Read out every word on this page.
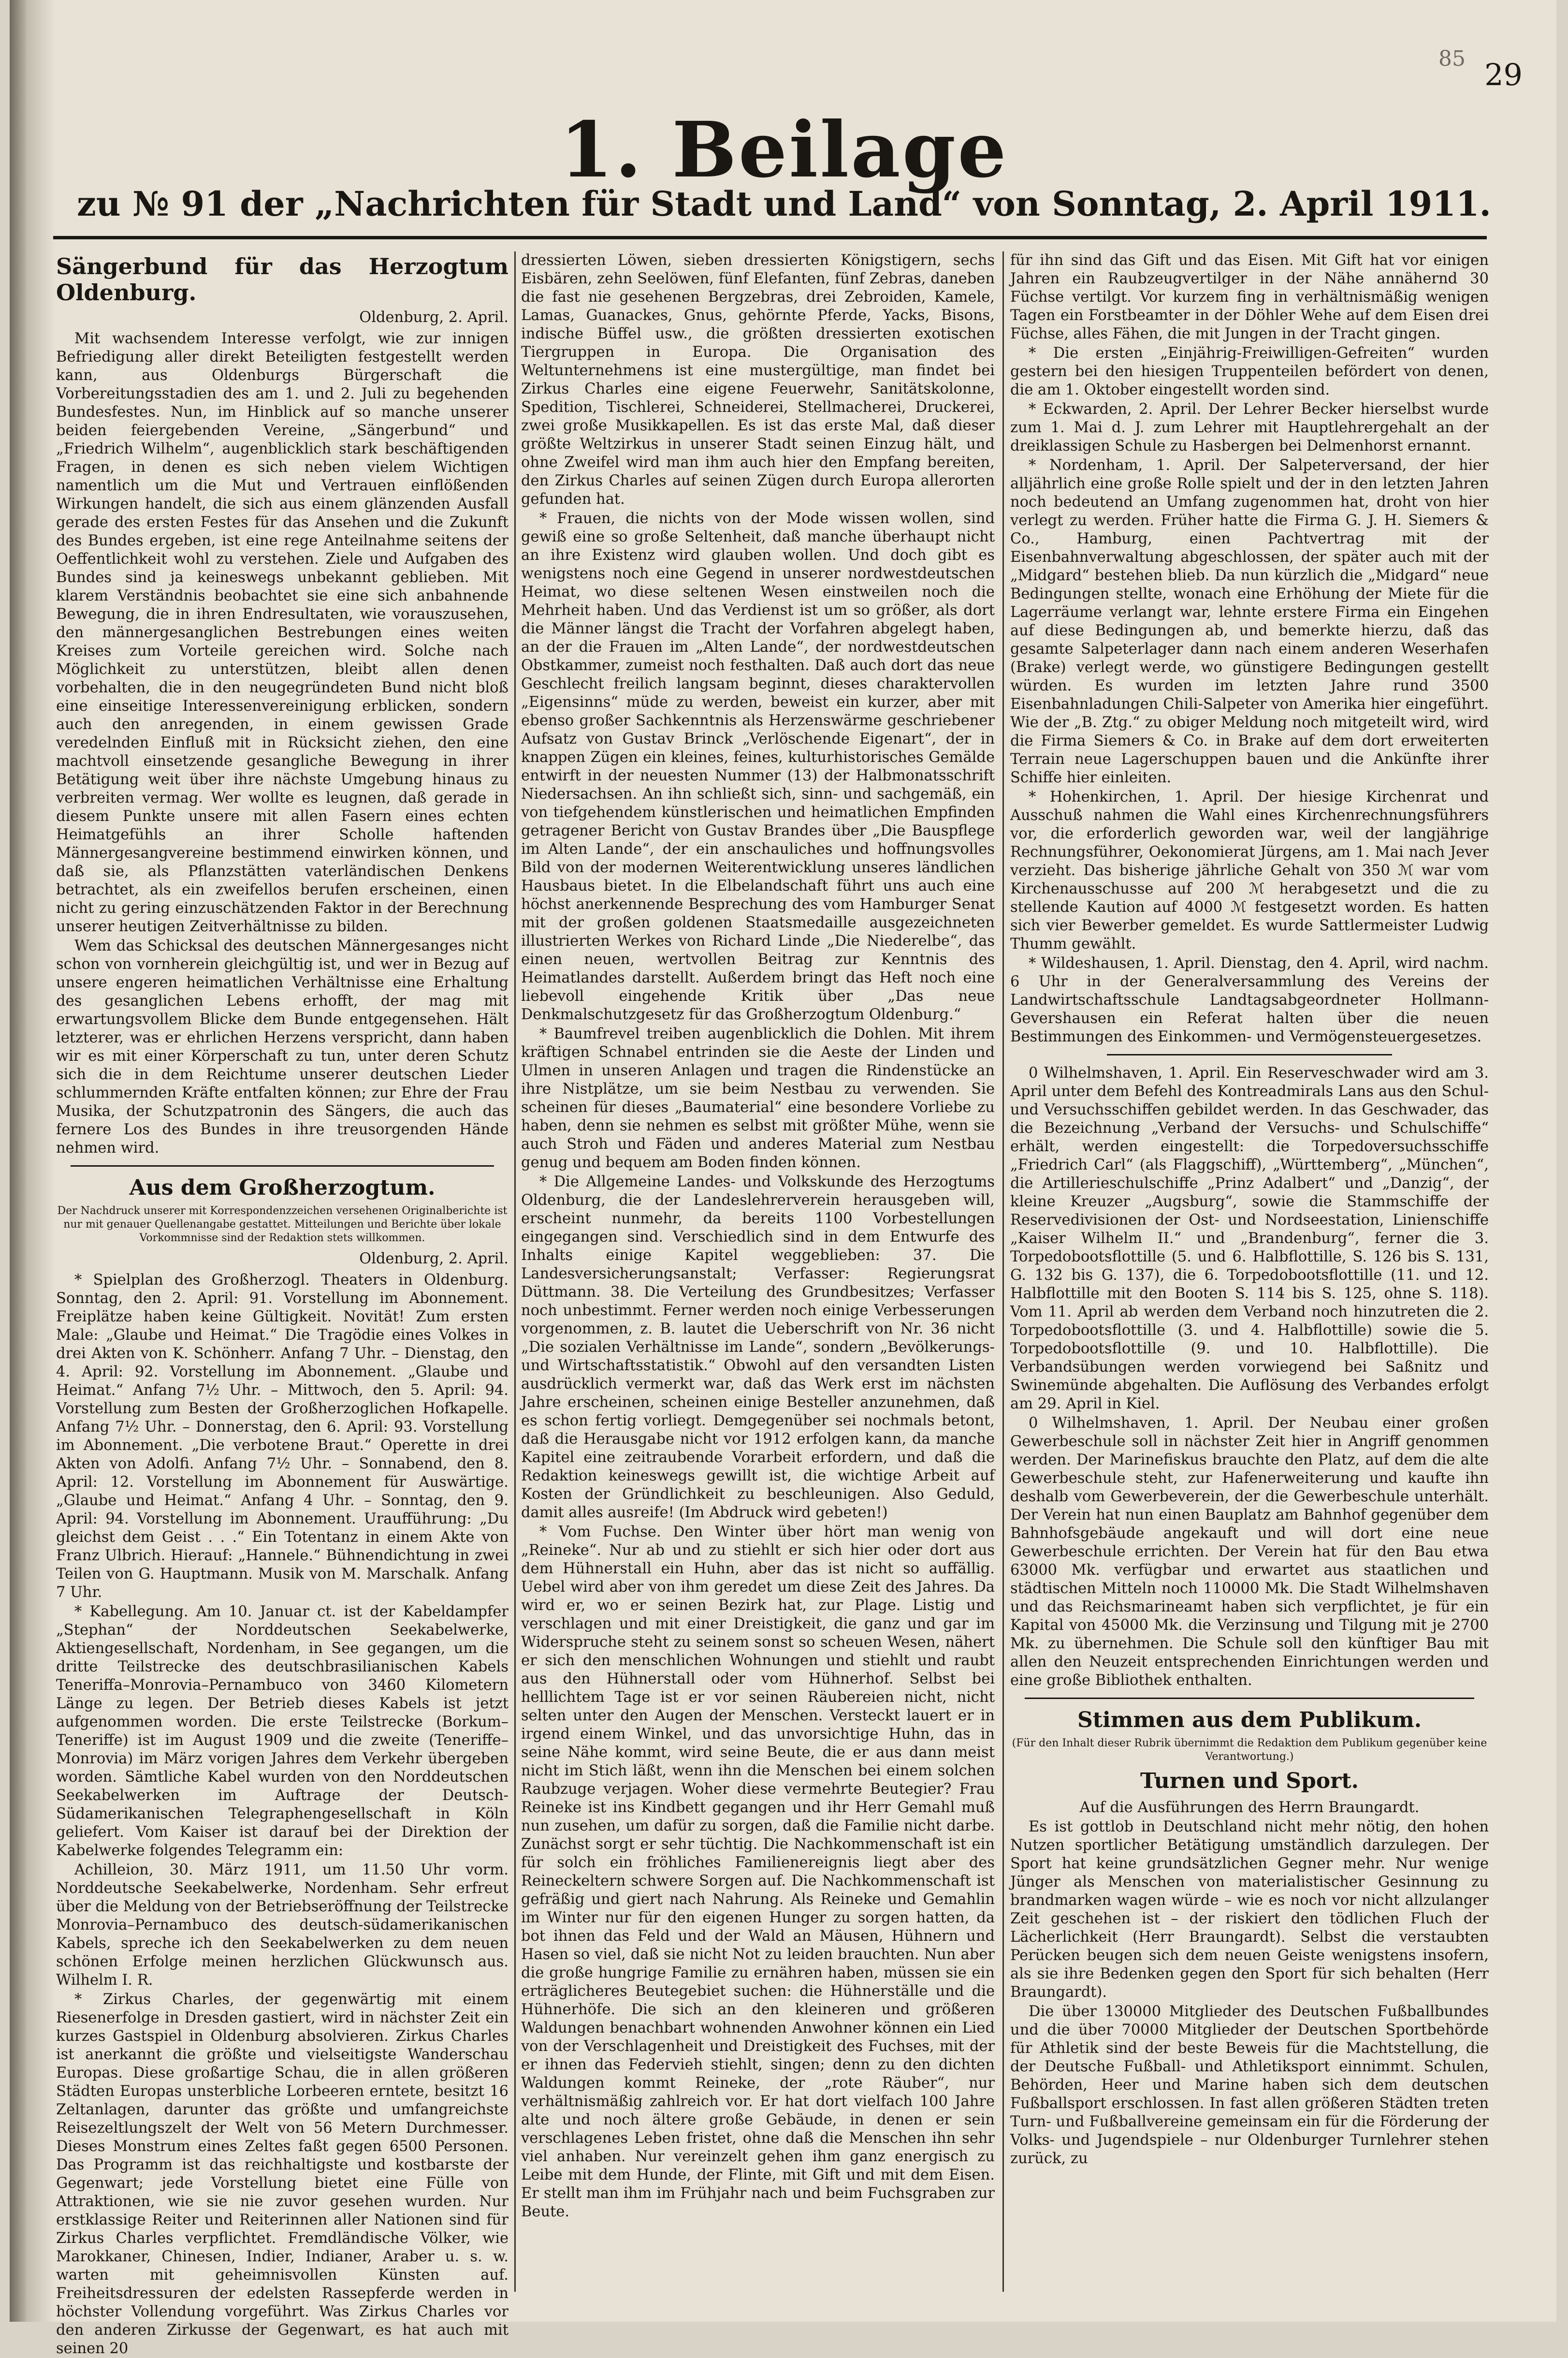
85 29
1. Beilage
zu № 91 der „Nachrichten für Stadt und Land“ von Sonntag, 2. April 1911.
Sängerbund für das Herzogtum Oldenburg.
Oldenburg, 2. April.

Mit wachsendem Interesse verfolgt, wie zur innigen Befriedigung aller direkt Beteiligten festgestellt werden kann, aus Oldenburgs Bürgerschaft die Vorbereitungsstadien des am 1. und 2. Juli zu begehenden Bundesfestes. Nun, im Hinblick auf so manche unserer beiden feiergebenden Vereine, „Sängerbund“ und „Friedrich Wilhelm“, augenblicklich stark beschäftigenden Fragen, in denen es sich neben vielem Wichtigen namentlich um die Mut und Vertrauen einflößenden Wirkungen handelt, die sich aus einem glänzenden Ausfall gerade des ersten Festes für das Ansehen und die Zukunft des Bundes ergeben, ist eine rege Anteilnahme seitens der Oeffentlichkeit wohl zu verstehen. Ziele und Aufgaben des Bundes sind ja keineswegs unbekannt geblieben. Mit klarem Verständnis beobachtet sie eine sich anbahnende Bewegung, die in ihren Endresultaten, wie vorauszusehen, den männergesanglichen Bestrebungen eines weiten Kreises zum Vorteile gereichen wird. Solche nach Möglichkeit zu unterstützen, bleibt allen denen vorbehalten, die in den neugegründeten Bund nicht bloß eine einseitige Interessenvereinigung erblicken, sondern auch den anregenden, in einem gewissen Grade veredelnden Einfluß mit in Rücksicht ziehen, den eine machtvoll einsetzende gesangliche Bewegung in ihrer Betätigung weit über ihre nächste Umgebung hinaus zu verbreiten vermag. Wer wollte es leugnen, daß gerade in diesem Punkte unsere mit allen Fasern eines echten Heimatgefühls an ihrer Scholle haftenden Männergesangvereine bestimmend einwirken können, und daß sie, als Pflanzstätten vaterländischen Denkens betrachtet, als ein zweifellos berufen erscheinen, einen nicht zu gering einzuschätzenden Faktor in der Berechnung unserer heutigen Zeitverhältnisse zu bilden.

Wem das Schicksal des deutschen Männergesanges nicht schon von vornherein gleichgültig ist, und wer in Bezug auf unsere engeren heimatlichen Verhältnisse eine Erhaltung des gesanglichen Lebens erhofft, der mag mit erwartungsvollem Blicke dem Bunde entgegensehen. Hält letzterer, was er ehrlichen Herzens verspricht, dann haben wir es mit einer Körperschaft zu tun, unter deren Schutz sich die in dem Reichtume unserer deutschen Lieder schlummernden Kräfte entfalten können; zur Ehre der Frau Musika, der Schutzpatronin des Sängers, die auch das fernere Los des Bundes in ihre treusorgenden Hände nehmen wird.

Aus dem Großherzogtum.
Der Nachdruck unserer mit Korrespondenzzeichen versehenen Originalberichte ist nur mit genauer Quellenangabe gestattet. Mitteilungen und Berichte über lokale Vorkommnisse sind der Redaktion stets willkommen.
Oldenburg, 2. April.

* Spielplan des Großherzogl. Theaters in Oldenburg. Sonntag, den 2. April: 91. Vorstellung im Abonnement. Freiplätze haben keine Gültigkeit. Novität! Zum ersten Male: „Glaube und Heimat.“ Die Tragödie eines Volkes in drei Akten von K. Schönherr. Anfang 7 Uhr. – Dienstag, den 4. April: 92. Vorstellung im Abonnement. „Glaube und Heimat.“ Anfang 7½ Uhr. – Mittwoch, den 5. April: 94. Vorstellung zum Besten der Großherzoglichen Hofkapelle. Anfang 7½ Uhr. – Donnerstag, den 6. April: 93. Vorstellung im Abonnement. „Die verbotene Braut.“ Operette in drei Akten von Adolfi. Anfang 7½ Uhr. – Sonnabend, den 8. April: 12. Vorstellung im Abonnement für Auswärtige. „Glaube und Heimat.“ Anfang 4 Uhr. – Sonntag, den 9. April: 94. Vorstellung im Abonnement. Uraufführung: „Du gleichst dem Geist . . .“ Ein Totentanz in einem Akte von Franz Ulbrich. Hierauf: „Hannele.“ Bühnendichtung in zwei Teilen von G. Hauptmann. Musik von M. Marschalk. Anfang 7 Uhr.

* Kabellegung. Am 10. Januar ct. ist der Kabeldampfer „Stephan“ der Norddeutschen Seekabelwerke, Aktiengesellschaft, Nordenham, in See gegangen, um die dritte Teilstrecke des deutschbrasilianischen Kabels Teneriffa–Monrovia–Pernambuco von 3460 Kilometern Länge zu legen. Der Betrieb dieses Kabels ist jetzt aufgenommen worden. Die erste Teilstrecke (Borkum–Teneriffe) ist im August 1909 und die zweite (Teneriffe–Monrovia) im März vorigen Jahres dem Verkehr übergeben worden. Sämtliche Kabel wurden von den Norddeutschen Seekabelwerken im Auftrage der Deutsch-Südamerikanischen Telegraphengesellschaft in Köln geliefert. Vom Kaiser ist darauf bei der Direktion der Kabelwerke folgendes Telegramm ein:

Achilleion, 30. März 1911, um 11.50 Uhr vorm. Norddeutsche Seekabelwerke, Nordenham. Sehr erfreut über die Meldung von der Betriebseröffnung der Teilstrecke Monrovia–Pernambuco des deutsch-südamerikanischen Kabels, spreche ich den Seekabelwerken zu dem neuen schönen Erfolge meinen herzlichen Glückwunsch aus. Wilhelm I. R.

* Zirkus Charles, der gegenwärtig mit einem Riesenerfolge in Dresden gastiert, wird in nächster Zeit ein kurzes Gastspiel in Oldenburg absolvieren. Zirkus Charles ist anerkannt die größte und vielseitigste Wanderschau Europas. Diese großartige Schau, die in allen größeren Städten Europas unsterbliche Lorbeeren erntete, besitzt 16 Zeltanlagen, darunter das größte und umfangreichste Reisezeltlungszelt der Welt von 56 Metern Durchmesser. Dieses Monstrum eines Zeltes faßt gegen 6500 Personen. Das Programm ist das reichhaltigste und kostbarste der Gegenwart; jede Vorstellung bietet eine Fülle von Attraktionen, wie sie nie zuvor gesehen wurden. Nur erstklassige Reiter und Reiterinnen aller Nationen sind für Zirkus Charles verpflichtet. Fremdländische Völker, wie Marokkaner, Chinesen, Indier, Indianer, Araber u. s. w. warten mit geheimnisvollen Künsten auf. Freiheitsdressuren der edelsten Rassepferde werden in höchster Vollendung vorgeführt. Was Zirkus Charles vor den anderen Zirkusse der Gegenwart, es hat auch mit seinen 20

dressierten Löwen, sieben dressierten Königstigern, sechs Eisbären, zehn Seelöwen, fünf Elefanten, fünf Zebras, daneben die fast nie gesehenen Bergzebras, drei Zebroiden, Kamele, Lamas, Guanackes, Gnus, gehörnte Pferde, Yacks, Bisons, indische Büffel usw., die größten dressierten exotischen Tiergruppen in Europa. Die Organisation des Weltunternehmens ist eine mustergültige, man findet bei Zirkus Charles eine eigene Feuerwehr, Sanitätskolonne, Spedition, Tischlerei, Schneiderei, Stellmacherei, Druckerei, zwei große Musikkapellen. Es ist das erste Mal, daß dieser größte Weltzirkus in unserer Stadt seinen Einzug hält, und ohne Zweifel wird man ihm auch hier den Empfang bereiten, den Zirkus Charles auf seinen Zügen durch Europa allerorten gefunden hat.

* Frauen, die nichts von der Mode wissen wollen, sind gewiß eine so große Seltenheit, daß manche überhaupt nicht an ihre Existenz wird glauben wollen. Und doch gibt es wenigstens noch eine Gegend in unserer nordwestdeutschen Heimat, wo diese seltenen Wesen einstweilen noch die Mehrheit haben. Und das Verdienst ist um so größer, als dort die Männer längst die Tracht der Vorfahren abgelegt haben, an der die Frauen im „Alten Lande“, der nordwestdeutschen Obstkammer, zumeist noch festhalten. Daß auch dort das neue Geschlecht freilich langsam beginnt, dieses charaktervollen „Eigensinns“ müde zu werden, beweist ein kurzer, aber mit ebenso großer Sachkenntnis als Herzenswärme geschriebener Aufsatz von Gustav Brinck „Verlöschende Eigenart“, der in knappen Zügen ein kleines, feines, kulturhistorisches Gemälde entwirft in der neuesten Nummer (13) der Halbmonatsschrift Niedersachsen. An ihn schließt sich, sinn- und sachgemäß, ein von tiefgehendem künstlerischen und heimatlichen Empfinden getragener Bericht von Gustav Brandes über „Die Bauspflege im Alten Lande“, der ein anschauliches und hoffnungsvolles Bild von der modernen Weiterentwicklung unseres ländlichen Hausbaus bietet. In die Elbelandschaft führt uns auch eine höchst anerkennende Besprechung des vom Hamburger Senat mit der großen goldenen Staatsmedaille ausgezeichneten illustrierten Werkes von Richard Linde „Die Niederelbe“, das einen neuen, wertvollen Beitrag zur Kenntnis des Heimatlandes darstellt. Außerdem bringt das Heft noch eine liebevoll eingehende Kritik über „Das neue Denkmalschutzgesetz für das Großherzogtum Oldenburg.“

* Baumfrevel treiben augenblicklich die Dohlen. Mit ihrem kräftigen Schnabel entrinden sie die Aeste der Linden und Ulmen in unseren Anlagen und tragen die Rindenstücke an ihre Nistplätze, um sie beim Nestbau zu verwenden. Sie scheinen für dieses „Baumaterial“ eine besondere Vorliebe zu haben, denn sie nehmen es selbst mit größter Mühe, wenn sie auch Stroh und Fäden und anderes Material zum Nestbau genug und bequem am Boden finden können.

* Die Allgemeine Landes- und Volkskunde des Herzogtums Oldenburg, die der Landeslehrerverein herausgeben will, erscheint nunmehr, da bereits 1100 Vorbestellungen eingegangen sind. Verschiedlich sind in dem Entwurfe des Inhalts einige Kapitel weggeblieben: 37. Die Landesversicherungsanstalt; Verfasser: Regierungsrat Düttmann. 38. Die Verteilung des Grundbesitzes; Verfasser noch unbestimmt. Ferner werden noch einige Verbesserungen vorgenommen, z. B. lautet die Ueberschrift von Nr. 36 nicht „Die sozialen Verhältnisse im Lande“, sondern „Bevölkerungs- und Wirtschaftsstatistik.“ Obwohl auf den versandten Listen ausdrücklich vermerkt war, daß das Werk erst im nächsten Jahre erscheinen, scheinen einige Besteller anzunehmen, daß es schon fertig vorliegt. Demgegenüber sei nochmals betont, daß die Herausgabe nicht vor 1912 erfolgen kann, da manche Kapitel eine zeitraubende Vorarbeit erfordern, und daß die Redaktion keineswegs gewillt ist, die wichtige Arbeit auf Kosten der Gründlichkeit zu beschleunigen. Also Geduld, damit alles ausreife! (Im Abdruck wird gebeten!)

* Vom Fuchse. Den Winter über hört man wenig von „Reineke“. Nur ab und zu stiehlt er sich hier oder dort aus dem Hühnerstall ein Huhn, aber das ist nicht so auffällig. Uebel wird aber von ihm geredet um diese Zeit des Jahres. Da wird er, wo er seinen Bezirk hat, zur Plage. Listig und verschlagen und mit einer Dreistigkeit, die ganz und gar im Widerspruche steht zu seinem sonst so scheuen Wesen, nähert er sich den menschlichen Wohnungen und stiehlt und raubt aus den Hühnerstall oder vom Hühnerhof. Selbst bei helllichtem Tage ist er vor seinen Räubereien nicht, nicht selten unter den Augen der Menschen. Versteckt lauert er in irgend einem Winkel, und das unvorsichtige Huhn, das in seine Nähe kommt, wird seine Beute, die er aus dann meist nicht im Stich läßt, wenn ihn die Menschen bei einem solchen Raubzuge verjagen. Woher diese vermehrte Beutegier? Frau Reineke ist ins Kindbett gegangen und ihr Herr Gemahl muß nun zusehen, um dafür zu sorgen, daß die Familie nicht darbe. Zunächst sorgt er sehr tüchtig. Die Nachkommenschaft ist ein für solch ein fröhliches Familienereignis liegt aber des Reineckeltern schwere Sorgen auf. Die Nachkommenschaft ist gefräßig und giert nach Nahrung. Als Reineke und Gemahlin im Winter nur für den eigenen Hunger zu sorgen hatten, da bot ihnen das Feld und der Wald an Mäusen, Hühnern und Hasen so viel, daß sie nicht Not zu leiden brauchten. Nun aber die große hungrige Familie zu ernähren haben, müssen sie ein erträglicheres Beutegebiet suchen: die Hühnerställe und die Hühnerhöfe. Die sich an den kleineren und größeren Waldungen benachbart wohnenden Anwohner können ein Lied von der Verschlagenheit und Dreistigkeit des Fuchses, mit der er ihnen das Federvieh stiehlt, singen; denn zu den dichten Waldungen kommt Reineke, der „rote Räuber“, nur verhältnismäßig zahlreich vor. Er hat dort vielfach 100 Jahre alte und noch ältere große Gebäude, in denen er sein verschlagenes Leben fristet, ohne daß die Menschen ihn sehr viel anhaben. Nur vereinzelt gehen ihm ganz energisch zu Leibe mit dem Hunde, der Flinte, mit Gift und mit dem Eisen. Er stellt man ihm im Frühjahr nach und beim Fuchsgraben zur Beute.

für ihn sind das Gift und das Eisen. Mit Gift hat vor einigen Jahren ein Raubzeugvertilger in der Nähe annähernd 30 Füchse vertilgt. Vor kurzem fing in verhältnismäßig wenigen Tagen ein Forstbeamter in der Döhler Wehe auf dem Eisen drei Füchse, alles Fähen, die mit Jungen in der Tracht gingen.

* Die ersten „Einjährig-Freiwilligen-Gefreiten“ wurden gestern bei den hiesigen Truppenteilen befördert von denen, die am 1. Oktober eingestellt worden sind.

* Eckwarden, 2. April. Der Lehrer Becker hierselbst wurde zum 1. Mai d. J. zum Lehrer mit Hauptlehrergehalt an der dreiklassigen Schule zu Hasbergen bei Delmenhorst ernannt.

* Nordenham, 1. April. Der Salpeterversand, der hier alljährlich eine große Rolle spielt und der in den letzten Jahren noch bedeutend an Umfang zugenommen hat, droht von hier verlegt zu werden. Früher hatte die Firma G. J. H. Siemers & Co., Hamburg, einen Pachtvertrag mit der Eisenbahnverwaltung abgeschlossen, der später auch mit der „Midgard“ bestehen blieb. Da nun kürzlich die „Midgard“ neue Bedingungen stellte, wonach eine Erhöhung der Miete für die Lagerräume verlangt war, lehnte erstere Firma ein Eingehen auf diese Bedingungen ab, und bemerkte hierzu, daß das gesamte Salpeterlager dann nach einem anderen Weserhafen (Brake) verlegt werde, wo günstigere Bedingungen gestellt würden. Es wurden im letzten Jahre rund 3500 Eisenbahnladungen Chili-Salpeter von Amerika hier eingeführt. Wie der „B. Ztg.“ zu obiger Meldung noch mitgeteilt wird, wird die Firma Siemers & Co. in Brake auf dem dort erweiterten Terrain neue Lagerschuppen bauen und die Ankünfte ihrer Schiffe hier einleiten.

* Hohenkirchen, 1. April. Der hiesige Kirchenrat und Ausschuß nahmen die Wahl eines Kirchenrechnungsführers vor, die erforderlich geworden war, weil der langjährige Rechnungsführer, Oekonomierat Jürgens, am 1. Mai nach Jever verzieht. Das bisherige jährliche Gehalt von 350 ℳ war vom Kirchenausschusse auf 200 ℳ herabgesetzt und die zu stellende Kaution auf 4000 ℳ festgesetzt worden. Es hatten sich vier Bewerber gemeldet. Es wurde Sattlermeister Ludwig Thumm gewählt.

* Wildeshausen, 1. April. Dienstag, den 4. April, wird nachm. 6 Uhr in der Generalversammlung des Vereins der Landwirtschaftsschule Landtagsabgeordneter Hollmann-Gevershausen ein Referat halten über die neuen Bestimmungen des Einkommen- und Vermögensteuergesetzes.

0 Wilhelmshaven, 1. April. Ein Reserveschwader wird am 3. April unter dem Befehl des Kontreadmirals Lans aus den Schul- und Versuchsschiffen gebildet werden. In das Geschwader, das die Bezeichnung „Verband der Versuchs- und Schulschiffe“ erhält, werden eingestellt: die Torpedoversuchsschiffe „Friedrich Carl“ (als Flaggschiff), „Württemberg“, „München“, die Artillerieschulschiffe „Prinz Adalbert“ und „Danzig“, der kleine Kreuzer „Augsburg“, sowie die Stammschiffe der Reservedivisionen der Ost- und Nordseestation, Linienschiffe „Kaiser Wilhelm II.“ und „Brandenburg“, ferner die 3. Torpedobootsflottille (5. und 6. Halbflottille, S. 126 bis S. 131, G. 132 bis G. 137), die 6. Torpedobootsflottille (11. und 12. Halbflottille mit den Booten S. 114 bis S. 125, ohne S. 118). Vom 11. April ab werden dem Verband noch hinzutreten die 2. Torpedobootsflottille (3. und 4. Halbflottille) sowie die 5. Torpedobootsflottille (9. und 10. Halbflottille). Die Verbandsübungen werden vorwiegend bei Saßnitz und Swinemünde abgehalten. Die Auflösung des Verbandes erfolgt am 29. April in Kiel.

0 Wilhelmshaven, 1. April. Der Neubau einer großen Gewerbeschule soll in nächster Zeit hier in Angriff genommen werden. Der Marinefiskus brauchte den Platz, auf dem die alte Gewerbeschule steht, zur Hafenerweiterung und kaufte ihn deshalb vom Gewerbeverein, der die Gewerbeschule unterhält. Der Verein hat nun einen Bauplatz am Bahnhof gegenüber dem Bahnhofsgebäude angekauft und will dort eine neue Gewerbeschule errichten. Der Verein hat für den Bau etwa 63000 Mk. verfügbar und erwartet aus staatlichen und städtischen Mitteln noch 110000 Mk. Die Stadt Wilhelmshaven und das Reichsmarineamt haben sich verpflichtet, je für ein Kapital von 45000 Mk. die Verzinsung und Tilgung mit je 2700 Mk. zu übernehmen. Die Schule soll den künftiger Bau mit allen den Neuzeit entsprechenden Einrichtungen werden und eine große Bibliothek enthalten.

Stimmen aus dem Publikum.
(Für den Inhalt dieser Rubrik übernimmt die Redaktion dem Publikum gegenüber keine Verantwortung.)
Turnen und Sport.

Auf die Ausführungen des Herrn Braungardt.

Es ist gottlob in Deutschland nicht mehr nötig, den hohen Nutzen sportlicher Betätigung umständlich darzulegen. Der Sport hat keine grundsätzlichen Gegner mehr. Nur wenige Jünger als Menschen von materialistischer Gesinnung zu brandmarken wagen würde – wie es noch vor nicht allzulanger Zeit geschehen ist – der riskiert den tödlichen Fluch der Lächerlichkeit (Herr Braungardt). Selbst die verstaubten Perücken beugen sich dem neuen Geiste wenigstens insofern, als sie ihre Bedenken gegen den Sport für sich behalten (Herr Braungardt).

Die über 130000 Mitglieder des Deutschen Fußballbundes und die über 70000 Mitglieder der Deutschen Sportbehörde für Athletik sind der beste Beweis für die Machtstellung, die der Deutsche Fußball- und Athletiksport einnimmt. Schulen, Behörden, Heer und Marine haben sich dem deutschen Fußballsport erschlossen. In fast allen größeren Städten treten Turn- und Fußballvereine gemeinsam ein für die Förderung der Volks- und Jugendspiele – nur Oldenburger Turnlehrer stehen zurück, zu
